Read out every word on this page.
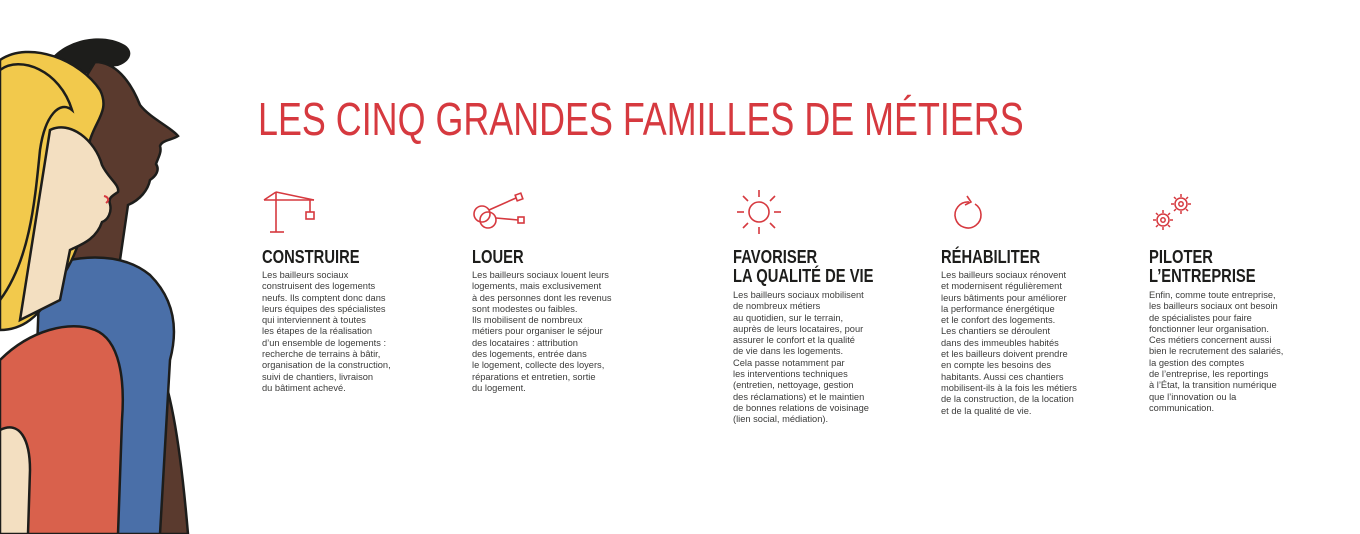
LES CINQ GRANDES FAMILLES DE MÉTIERS
CONSTRUIRE

Les bailleurs sociaux
construisent des logements
neufs. Ils comptent donc dans
leurs équipes des spécialistes
qui interviennent à toutes
les étapes de la réalisation
d’un ensemble de logements :
recherche de terrains à bâtir,
organisation de la construction,
suivi de chantiers, livraison
du bâtiment achevé.

LOUER

Les bailleurs sociaux louent leurs
logements, mais exclusivement
à des personnes dont les revenus
sont modestes ou faibles.
Ils mobilisent de nombreux
métiers pour organiser le séjour
des locataires : attribution
des logements, entrée dans
le logement, collecte des loyers,
réparations et entretien, sortie
du logement.

FAVORISER
LA QUALITÉ DE VIE

Les bailleurs sociaux mobilisent
de nombreux métiers
au quotidien, sur le terrain,
auprès de leurs locataires, pour
assurer le confort et la qualité
de vie dans les logements.
Cela passe notamment par
les interventions techniques
(entretien, nettoyage, gestion
des réclamations) et le maintien
de bonnes relations de voisinage
(lien social, médiation).

RÉHABILITER

Les bailleurs sociaux rénovent
et modernisent régulièrement
leurs bâtiments pour améliorer
la performance énergétique
et le confort des logements.
Les chantiers se déroulent
dans des immeubles habités
et les bailleurs doivent prendre
en compte les besoins des
habitants. Aussi ces chantiers
mobilisent-ils à la fois les métiers
de la construction, de la location
et de la qualité de vie.

PILOTER
L’ENTREPRISE

Enfin, comme toute entreprise,
les bailleurs sociaux ont besoin
de spécialistes pour faire
fonctionner leur organisation.
Ces métiers concernent aussi
bien le recrutement des salariés,
la gestion des comptes
de l’entreprise, les reportings
à l’État, la transition numérique
que l’innovation ou la
communication.
